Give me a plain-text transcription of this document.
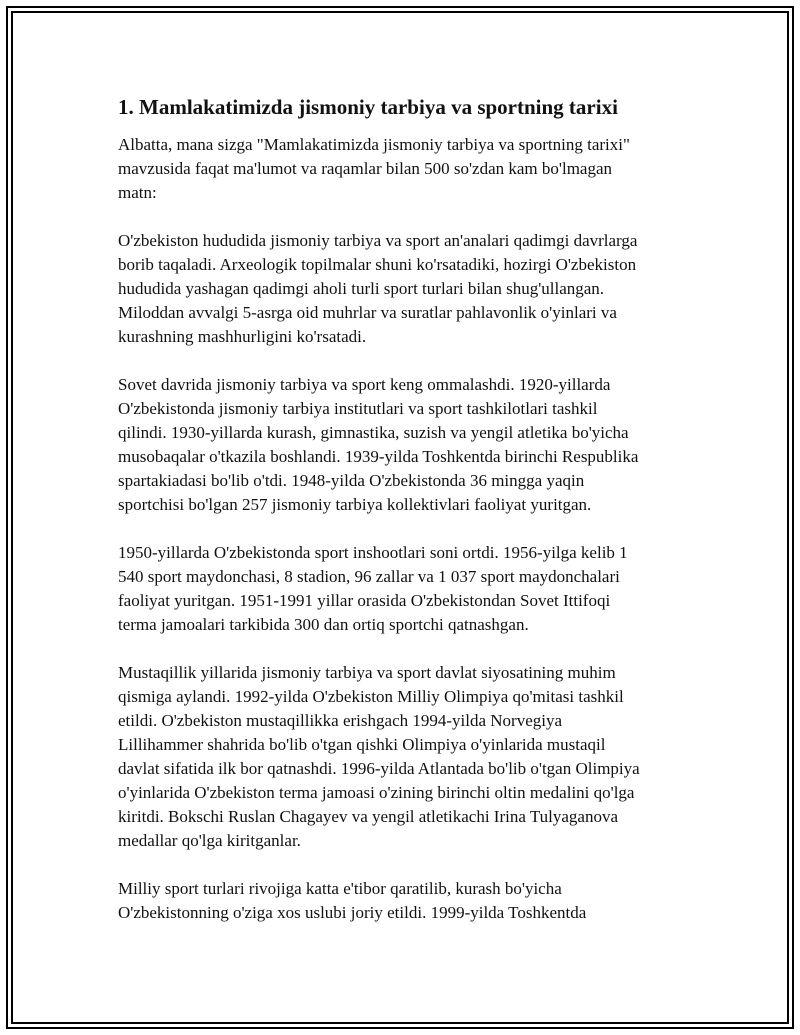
1. Mamlakatimizda jismoniy tarbiya va sportning tarixi

Albatta, mana sizga "Mamlakatimizda jismoniy tarbiya va sportning tarixi"
mavzusida faqat ma'lumot va raqamlar bilan 500 so'zdan kam bo'lmagan
matn:

O'zbekiston hududida jismoniy tarbiya va sport an'analari qadimgi davrlarga
borib taqaladi. Arxeologik topilmalar shuni ko'rsatadiki, hozirgi O'zbekiston
hududida yashagan qadimgi aholi turli sport turlari bilan shug'ullangan.
Miloddan avvalgi 5-asrga oid muhrlar va suratlar pahlavonlik o'yinlari va
kurashning mashhurligini ko'rsatadi.

Sovet davrida jismoniy tarbiya va sport keng ommalashdi. 1920-yillarda
O'zbekistonda jismoniy tarbiya institutlari va sport tashkilotlari tashkil
qilindi. 1930-yillarda kurash, gimnastika, suzish va yengil atletika bo'yicha
musobaqalar o'tkazila boshlandi. 1939-yilda Toshkentda birinchi Respublika
spartakiadasi bo'lib o'tdi. 1948-yilda O'zbekistonda 36 mingga yaqin
sportchisi bo'lgan 257 jismoniy tarbiya kollektivlari faoliyat yuritgan.

1950-yillarda O'zbekistonda sport inshootlari soni ortdi. 1956-yilga kelib 1
540 sport maydonchasi, 8 stadion, 96 zallar va 1 037 sport maydonchalari
faoliyat yuritgan. 1951-1991 yillar orasida O'zbekistondan Sovet Ittifoqi
terma jamoalari tarkibida 300 dan ortiq sportchi qatnashgan.

Mustaqillik yillarida jismoniy tarbiya va sport davlat siyosatining muhim
qismiga aylandi. 1992-yilda O'zbekiston Milliy Olimpiya qo'mitasi tashkil
etildi. O'zbekiston mustaqillikka erishgach 1994-yilda Norvegiya
Lillihammer shahrida bo'lib o'tgan qishki Olimpiya o'yinlarida mustaqil
davlat sifatida ilk bor qatnashdi. 1996-yilda Atlantada bo'lib o'tgan Olimpiya
o'yinlarida O'zbekiston terma jamoasi o'zining birinchi oltin medalini qo'lga
kiritdi. Bokschi Ruslan Chagayev va yengil atletikachi Irina Tulyaganova
medallar qo'lga kiritganlar.

Milliy sport turlari rivojiga katta e'tibor qaratilib, kurash bo'yicha
O'zbekistonning o'ziga xos uslubi joriy etildi. 1999-yilda Toshkentda
